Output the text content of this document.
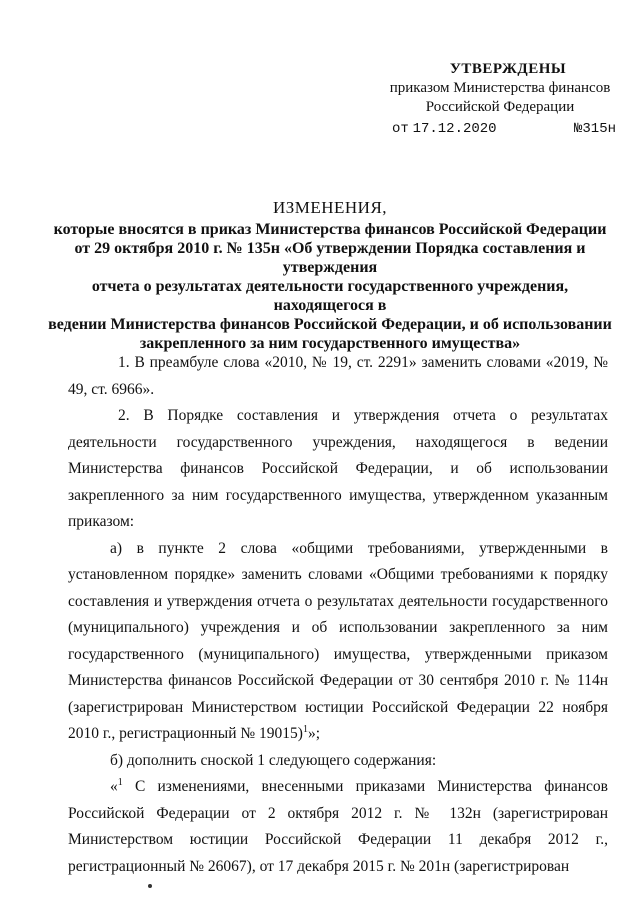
УТВЕРЖДЕНЫ
приказом Министерства финансов
Российской Федерации
от 17.12.2020	№315н
ИЗМЕНЕНИЯ,
которые вносятся в приказ Министерства финансов Российской Федерации
от 29 октября 2010 г. № 135н «Об утверждении Порядка составления и утверждения
отчета о результатах деятельности государственного учреждения, находящегося в
ведении Министерства финансов Российской Федерации, и об использовании
закрепленного за ним государственного имущества»

1. В преамбуле слова «2010, № 19, ст. 2291» заменить словами «2019, № 49, ст. 6966».

2. В Порядке составления и утверждения отчета о результатах деятельности государственного учреждения, находящегося в ведении Министерства финансов Российской Федерации, и об использовании закрепленного за ним государственного имущества, утвержденном указанным приказом:

а) в пункте 2 слова «общими требованиями, утвержденными в установленном порядке» заменить словами «Общими требованиями к порядку составления и утверждения отчета о результатах деятельности государственного (муниципального) учреждения и об использовании закрепленного за ним государственного (муниципального) имущества, утвержденными приказом Министерства финансов Российской Федерации от 30 сентября 2010 г. № 114н (зарегистрирован Министерством юстиции Российской Федерации 22 ноября 2010 г., регистрационный № 19015)$^1$»;

б) дополнить сноской 1 следующего содержания:

«$^1$ С изменениями, внесенными приказами Министерства финансов Российской Федерации от 2 октября 2012 г. № 132н (зарегистрирован Министерством юстиции Российской Федерации 11 декабря 2012 г., регистрационный № 26067), от 17 декабря 2015 г. № 201н (зарегистрирован
